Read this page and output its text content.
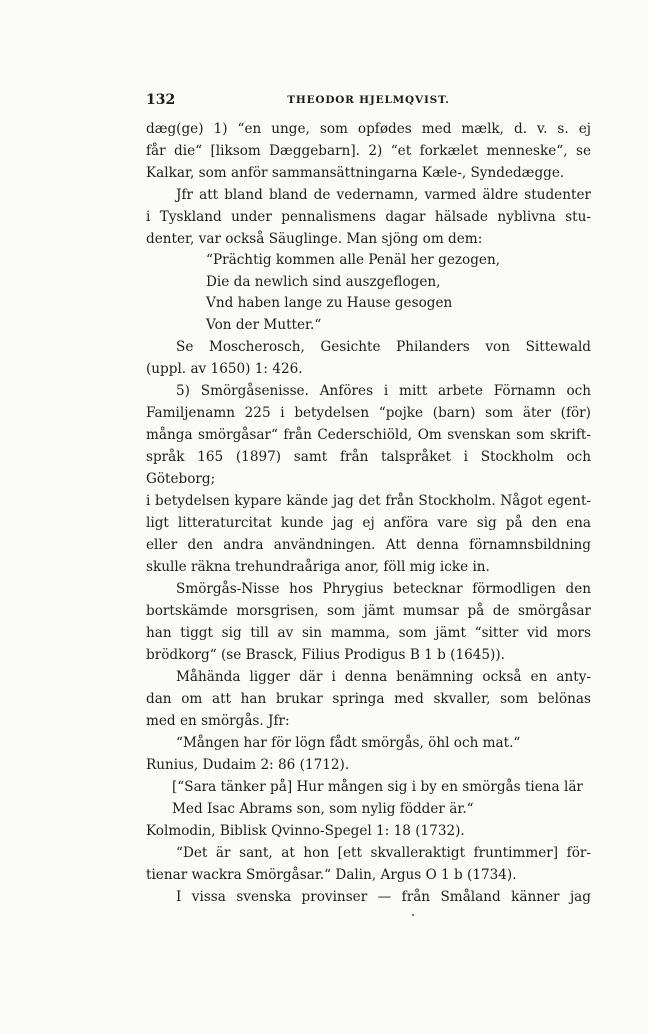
132	THEODOR HJELMQVIST.

dæg(ge) 1) “en unge, som opfødes med mælk, d. v. s. ej

får die“ [liksom Dæggebarn]. 2) “et forkælet menneske“, se

Kalkar, som anför sammansättningarna Kæle-, Syndedægge.

Jfr att bland bland de vedernamn, varmed äldre studenter

i Tyskland under pennalismens dagar hälsade nyblivna stu-

denter, var också Säuglinge. Man sjöng om dem:

“Prächtig kommen alle Penäl her gezogen,
Die da newlich sind auszgeflogen,
Vnd haben lange zu Hause gesogen
Von der Mutter.“

Se Moscherosch, Gesichte Philanders von Sittewald

(uppl. av 1650) 1: 426.

5) Smörgåsenisse. Anföres i mitt arbete Förnamn och

Familjenamn 225 i betydelsen “pojke (barn) som äter (för)

många smörgåsar“ från Cederschiöld, Om svenskan som skrift-

språk 165 (1897) samt från talspråket i Stockholm och Göteborg;

i betydelsen kypare kände jag det från Stockholm. Något egent-

ligt litteraturcitat kunde jag ej anföra vare sig på den ena

eller den andra användningen. Att denna förnamnsbildning

skulle räkna trehundraåriga anor, föll mig icke in.

Smörgås-Nisse hos Phrygius betecknar förmodligen den

bortskämde morsgrisen, som jämt mumsar på de smörgåsar

han tiggt sig till av sin mamma, som jämt “sitter vid mors

brödkorg“ (se Brasck, Filius Prodigus B 1 b (1645)).

Måhända ligger där i denna benämning också en anty-

dan om att han brukar springa med skvaller, som belönas

med en smörgås. Jfr:

“Mången har för lögn fådt smörgås, öhl och mat.“

Runius, Dudaim 2: 86 (1712).

[“Sara tänker på] Hur mången sig i by en smörgås tiena lär
Med Isac Abrams son, som nylig födder är.“

Kolmodin, Biblisk Qvinno-Spegel 1: 18 (1732).

“Det är sant, at hon [ett skvalleraktigt fruntimmer] för-

tienar wackra Smörgåsar.“ Dalin, Argus O 1 b (1734).

I vissa svenska provinser — från Småland känner jag
